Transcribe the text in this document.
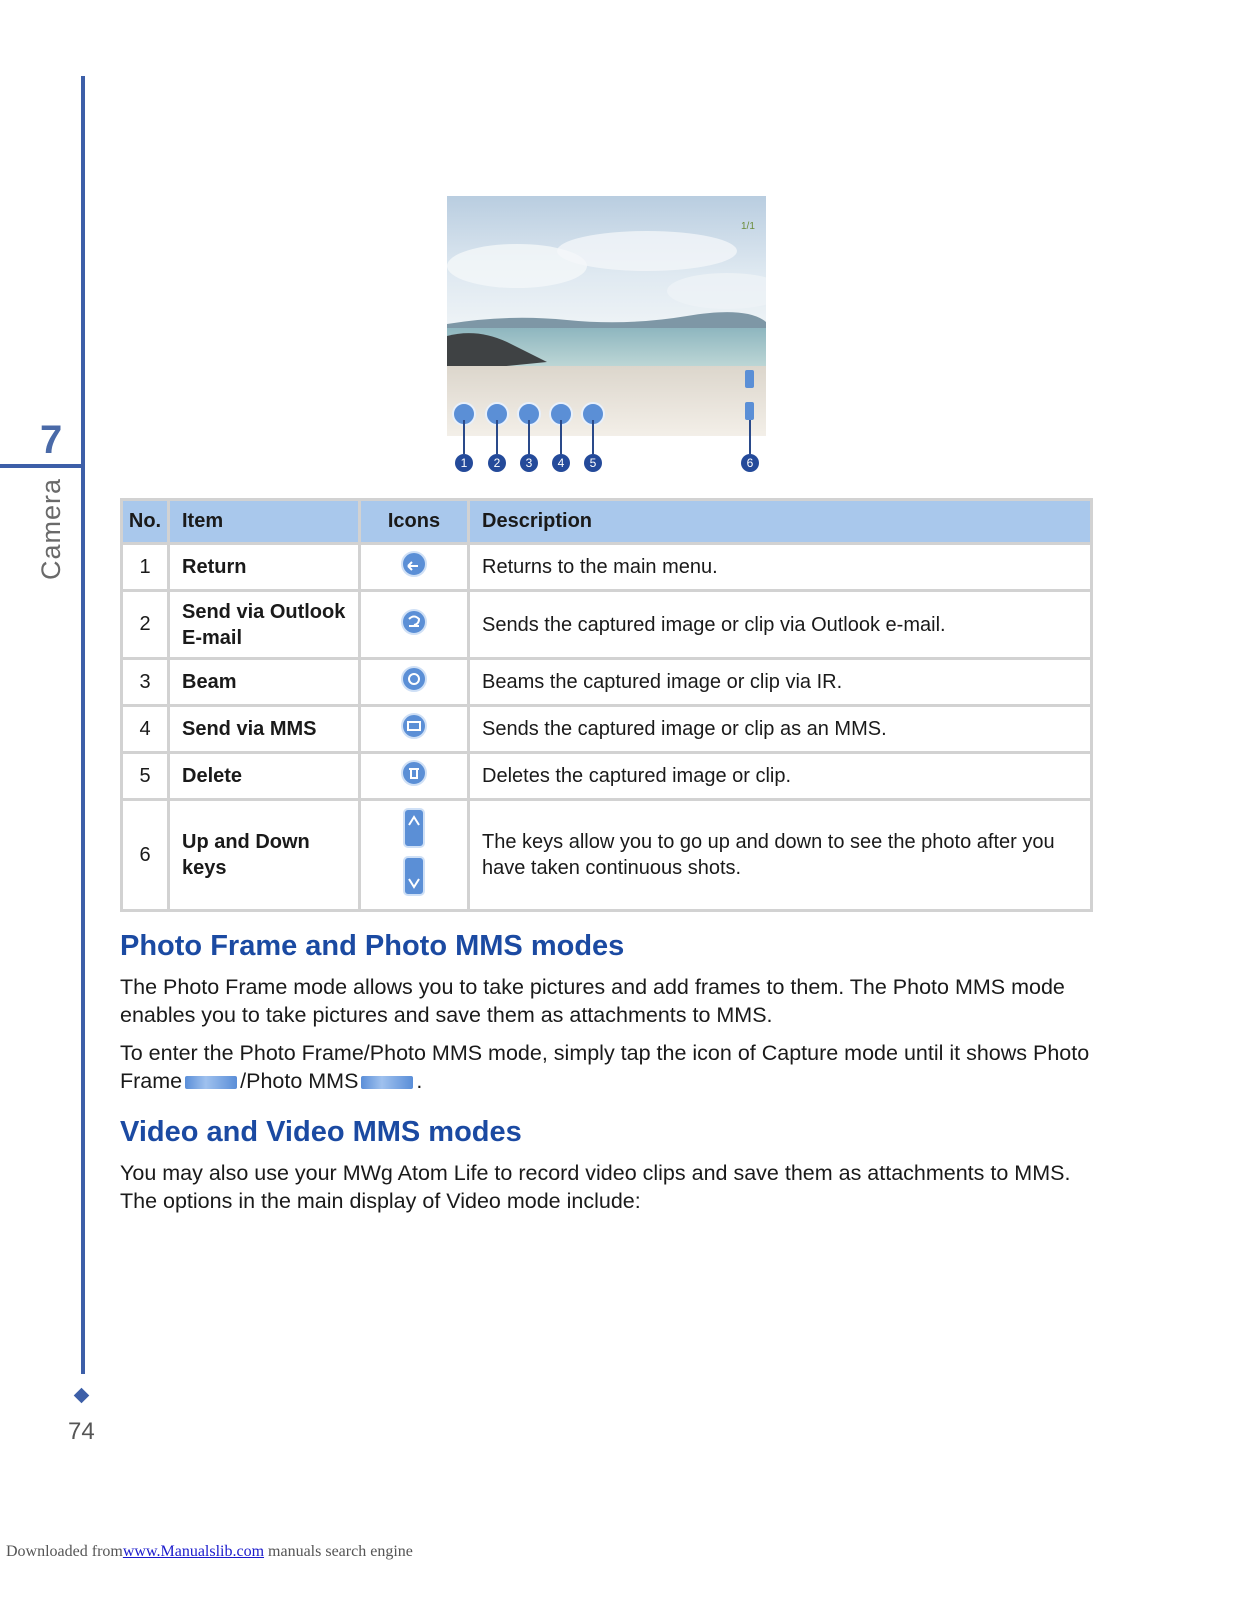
7
Camera
74
1/1
1	2	3	4	5	6
No.	Item	Icons	Description
1	Return		Returns to the main menu.
2	Send via Outlook E-mail		Sends the captured image or clip via Outlook e-mail.
3	Beam		Beams the captured image or clip via IR.
4	Send via MMS		Sends the captured image or clip as an MMS.
5	Delete		Deletes the captured image or clip.
6	Up and Down keys		The keys allow you to go up and down to see the photo after you have taken continuous shots.
Photo Frame and Photo MMS modes

The Photo Frame mode allows you to take pictures and add frames to them. The Photo MMS mode enables you to take pictures and save them as attachments to MMS.

To enter the Photo Frame/Photo MMS mode, simply tap the icon of Capture mode until it shows Photo Frame	/Photo MMS	.

Video and Video MMS modes

You may also use your MWg Atom Life to record video clips and save them as attachments to MMS. The options in the main display of Video mode include:

Downloaded fromwww.Manualslib.com manuals search engine
